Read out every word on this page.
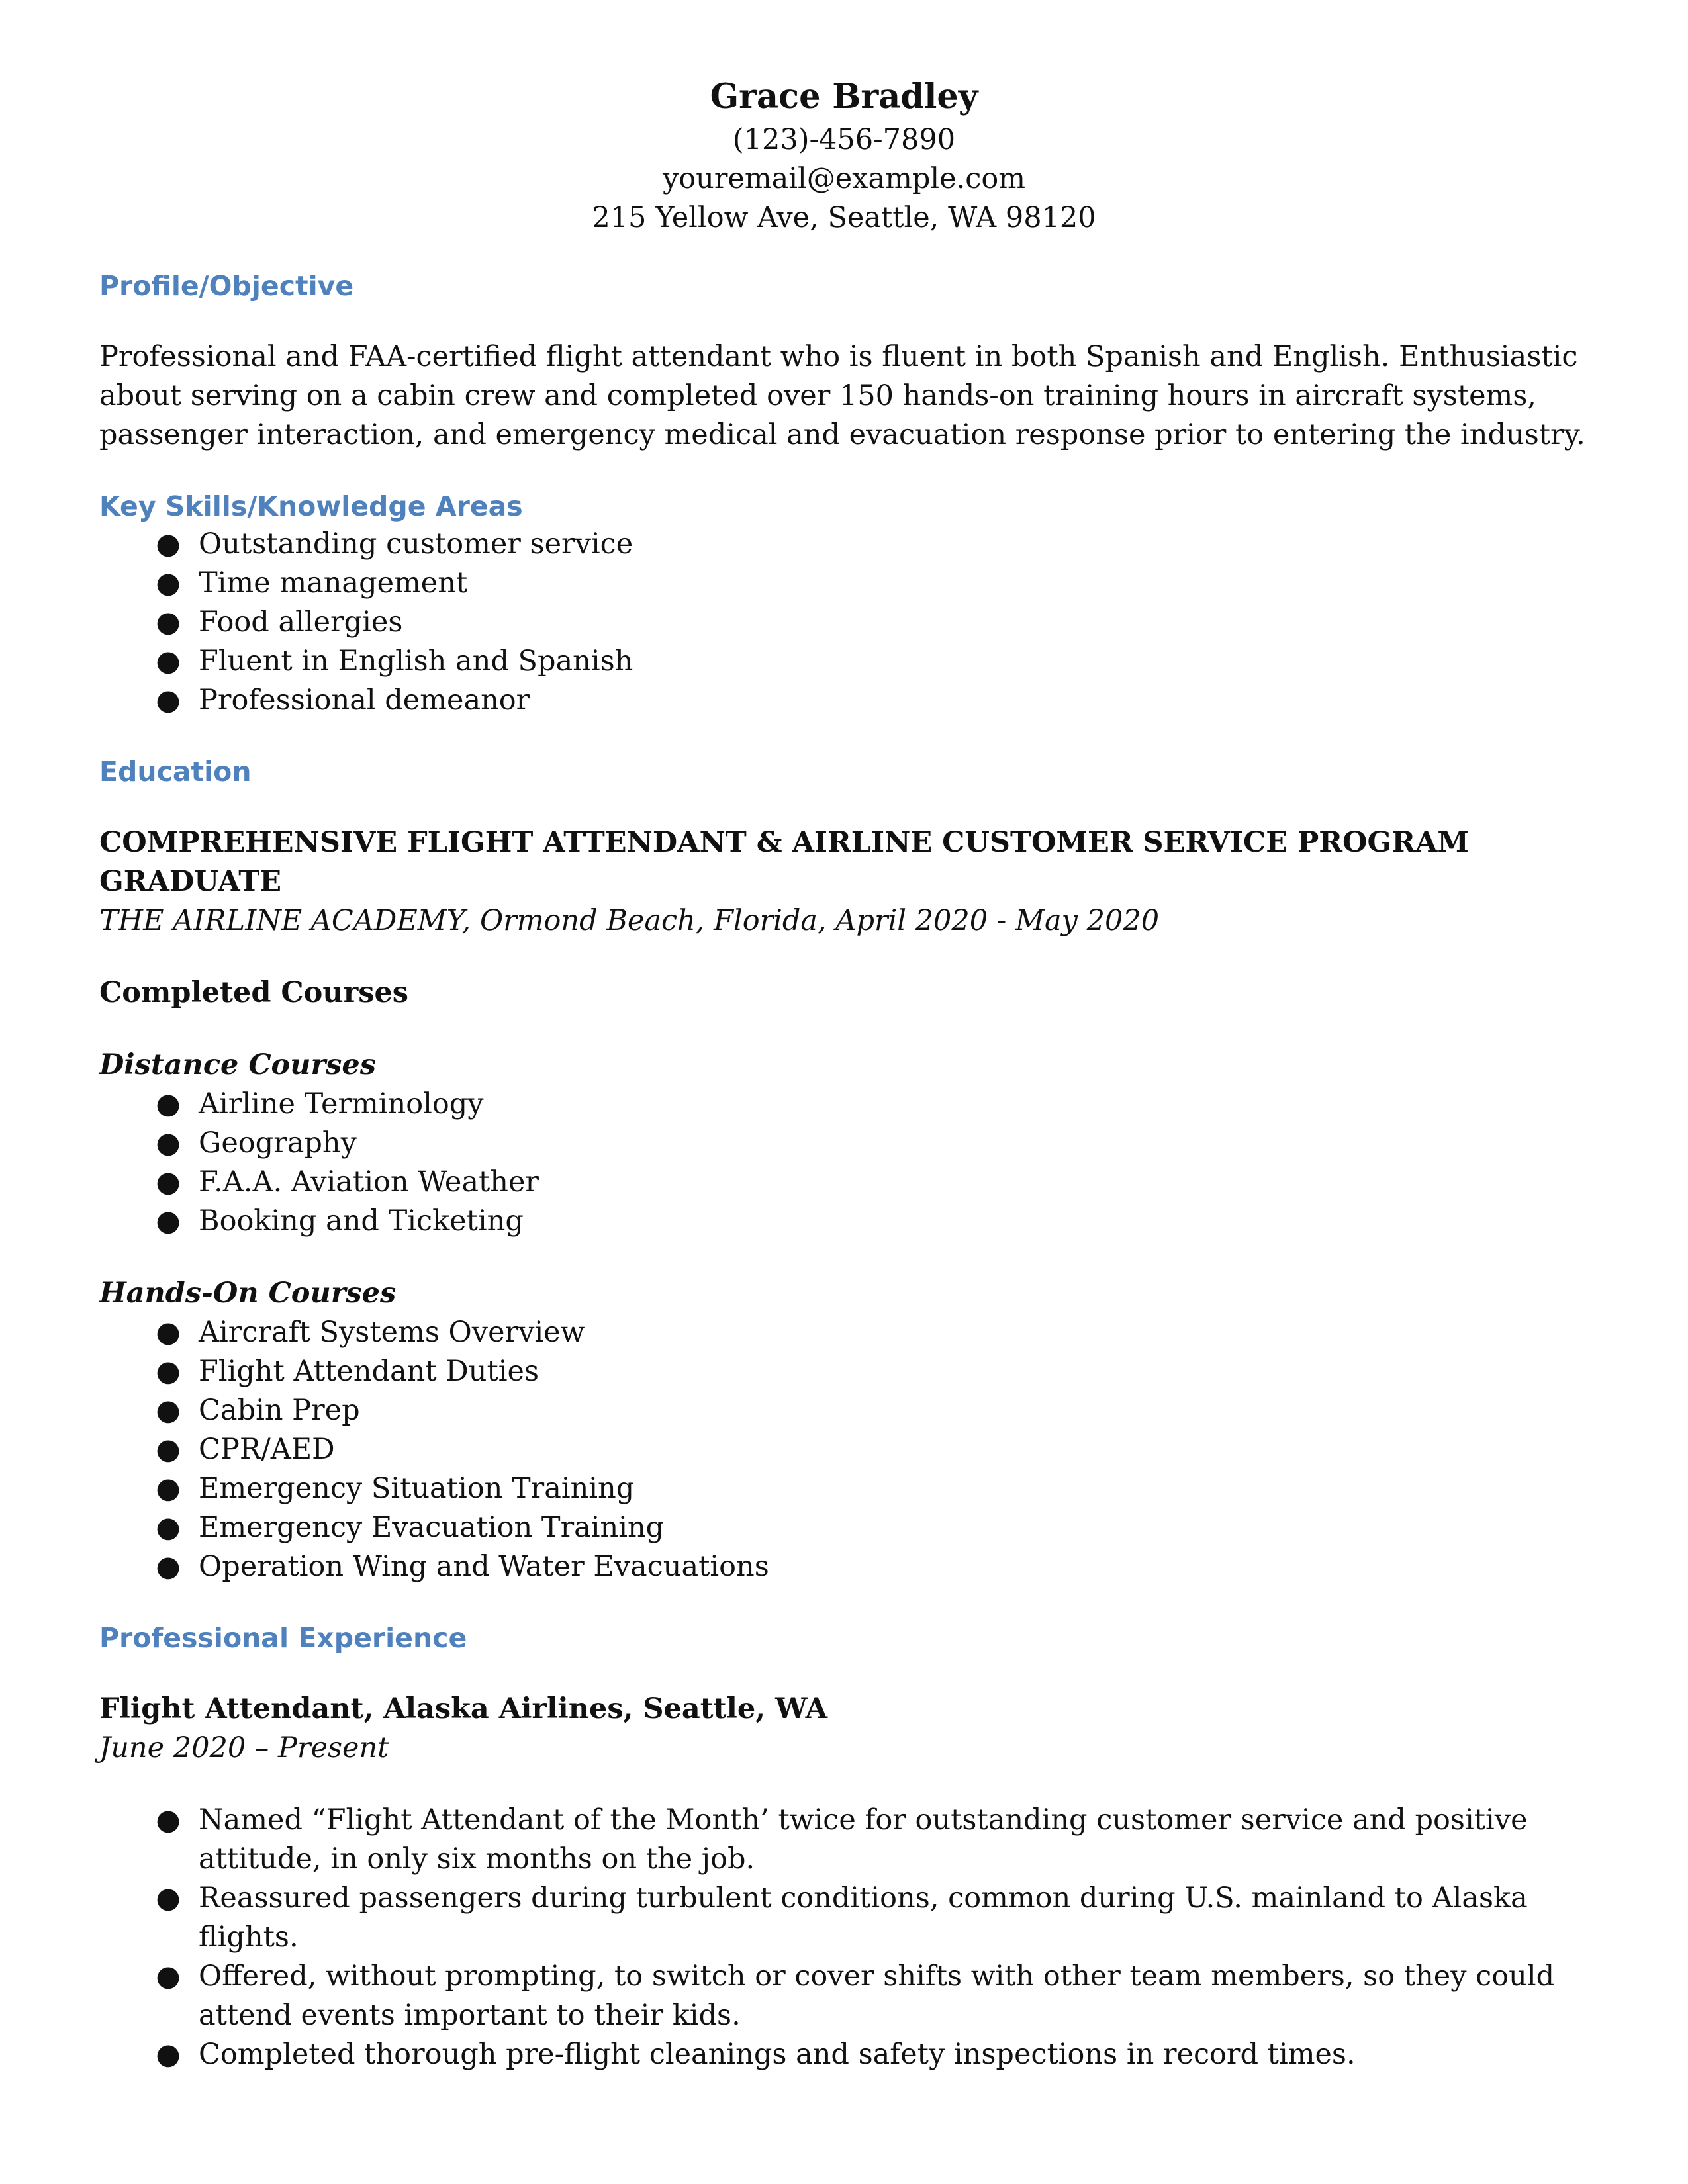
Grace Bradley

(123)-456-7890

youremail@example.com

215 Yellow Ave, Seattle, WA 98120

Profile/Objective

Professional and FAA-certified flight attendant who is fluent in both Spanish and English. Enthusiastic about serving on a cabin crew and completed over 150 hands-on training hours in aircraft systems, passenger interaction, and emergency medical and evacuation response prior to entering the industry.

Key Skills/Knowledge Areas

● Outstanding customer service
● Time management
● Food allergies
● Fluent in English and Spanish
● Professional demeanor

Education

COMPREHENSIVE FLIGHT ATTENDANT & AIRLINE CUSTOMER SERVICE PROGRAM GRADUATE

THE AIRLINE ACADEMY, Ormond Beach, Florida, April 2020 - May 2020

Completed Courses

Distance Courses

● Airline Terminology
● Geography
● F.A.A. Aviation Weather
● Booking and Ticketing

Hands-On Courses

● Aircraft Systems Overview
● Flight Attendant Duties
● Cabin Prep
● CPR/AED
● Emergency Situation Training
● Emergency Evacuation Training
● Operation Wing and Water Evacuations

Professional Experience

Flight Attendant, Alaska Airlines, Seattle, WA

June 2020 – Present

● Named “Flight Attendant of the Month’ twice for outstanding customer service and positive attitude, in only six months on the job.
● Reassured passengers during turbulent conditions, common during U.S. mainland to Alaska flights.
● Offered, without prompting, to switch or cover shifts with other team members, so they could attend events important to their kids.
● Completed thorough pre-flight cleanings and safety inspections in record times.
